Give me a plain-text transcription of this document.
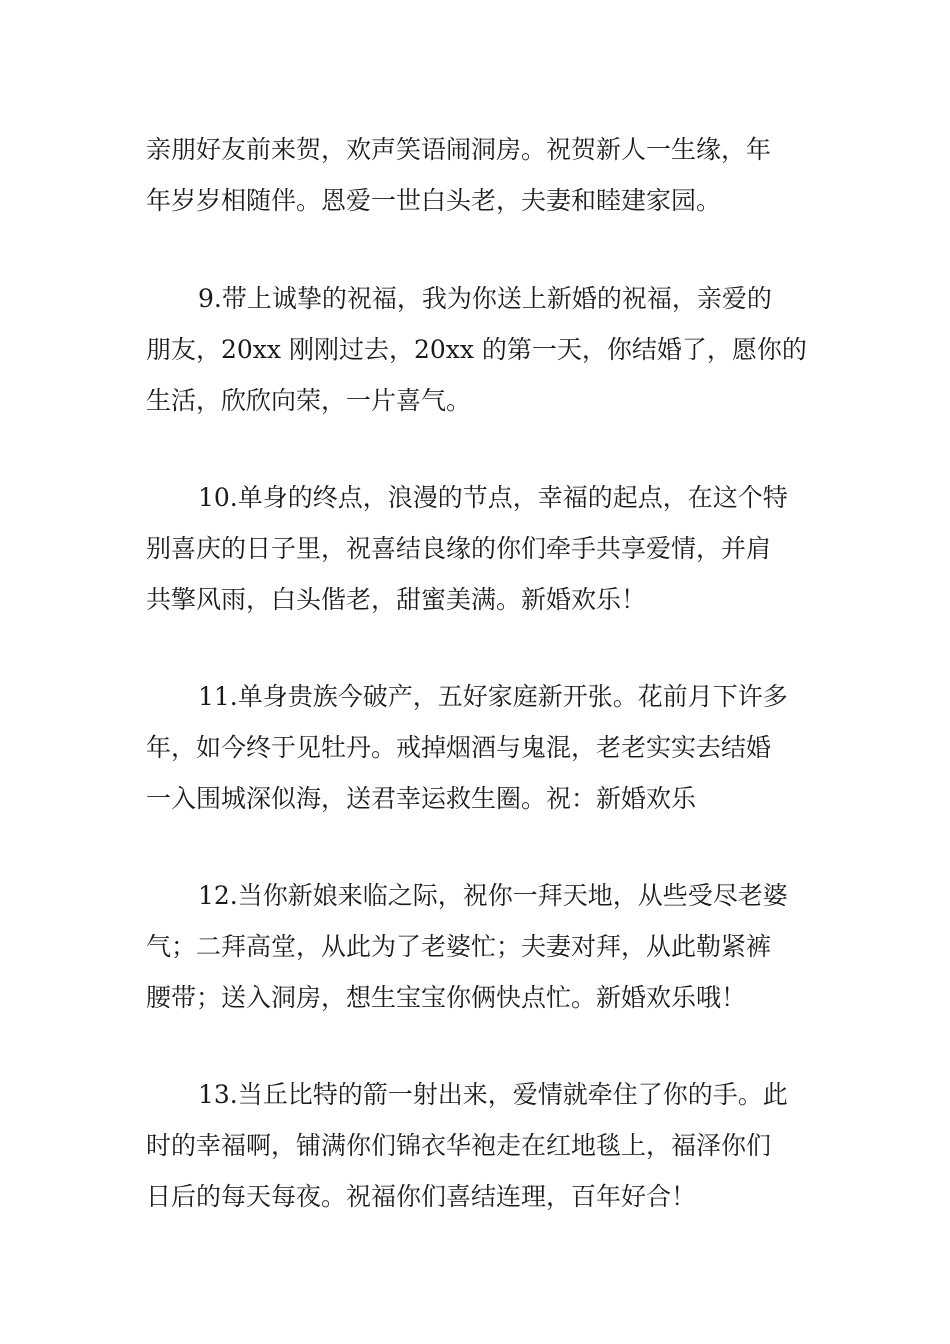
亲朋好友前来贺，欢声笑语闹洞房。祝贺新人一生缘，年
年岁岁相随伴。恩爱一世白头老，夫妻和睦建家园。
9.带上诚挚的祝福，我为你送上新婚的祝福，亲爱的
朋友，20xx 刚刚过去，20xx 的第一天，你结婚了，愿你的
生活，欣欣向荣，一片喜气。
10.单身的终点，浪漫的节点，幸福的起点，在这个特
别喜庆的日子里，祝喜结良缘的你们牵手共享爱情，并肩
共擎风雨，白头偕老，甜蜜美满。新婚欢乐！
11.单身贵族今破产，五好家庭新开张。花前月下许多
年，如今终于见牡丹。戒掉烟酒与鬼混，老老实实去结婚
一入围城深似海，送君幸运救生圈。祝：新婚欢乐
12.当你新娘来临之际，祝你一拜天地，从些受尽老婆
气；二拜高堂，从此为了老婆忙；夫妻对拜，从此勒紧裤
腰带；送入洞房，想生宝宝你俩快点忙。新婚欢乐哦！
13.当丘比特的箭一射出来，爱情就牵住了你的手。此
时的幸福啊，铺满你们锦衣华袍走在红地毯上，福泽你们
日后的每天每夜。祝福你们喜结连理，百年好合！
